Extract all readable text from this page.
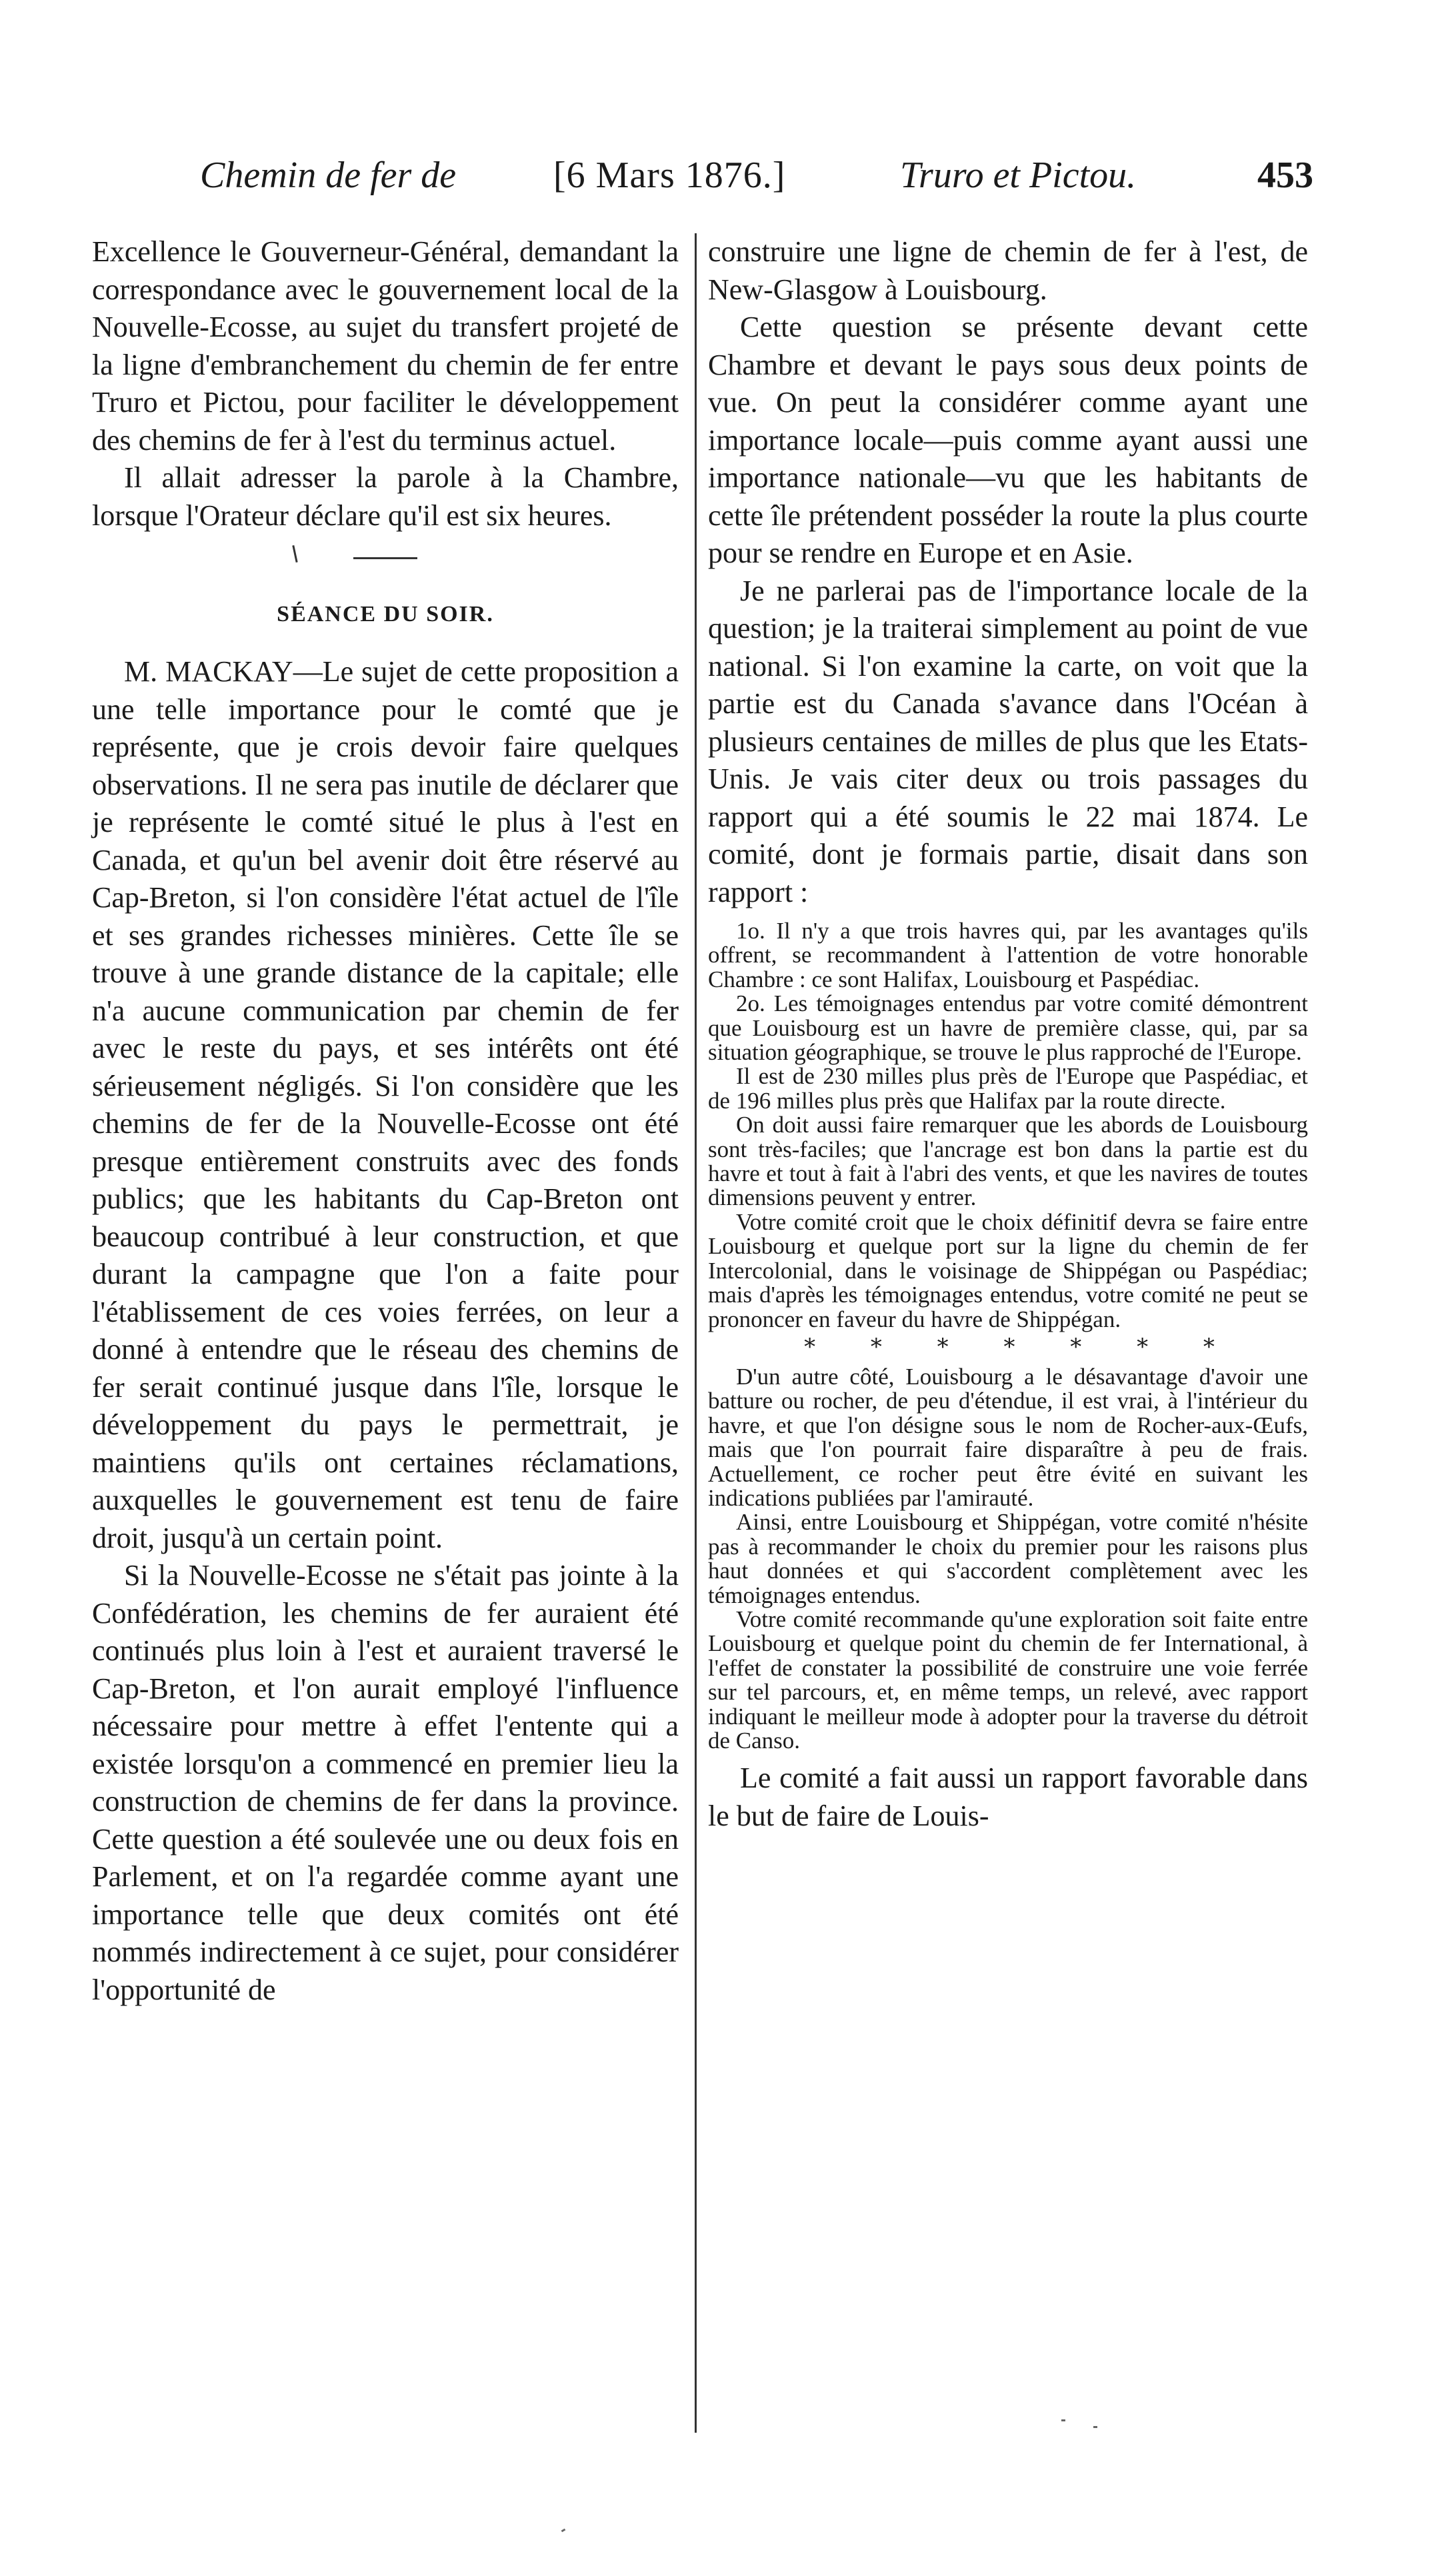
Chemin de fer de	[6 Mars 1876.]	Truro et Pictou.	453

Excellence le Gouverneur-Général, demandant la correspondance avec le gouvernement local de la Nouvelle-Ecosse, au sujet du transfert projeté de la ligne d'embranchement du chemin de fer entre Truro et Pictou, pour faciliter le développement des chemins de fer à l'est du terminus actuel.

Il allait adresser la parole à la Chambre, lorsque l'Orateur déclare qu'il est six heures.

SÉANCE DU SOIR.

M. MACKAY—Le sujet de cette proposition a une telle importance pour le comté que je représente, que je crois devoir faire quelques observations. Il ne sera pas inutile de déclarer que je représente le comté situé le plus à l'est en Canada, et qu'un bel avenir doit être réservé au Cap-Breton, si l'on considère l'état actuel de l'île et ses grandes richesses minières. Cette île se trouve à une grande distance de la capitale; elle n'a aucune communication par chemin de fer avec le reste du pays, et ses intérêts ont été sérieusement négligés. Si l'on considère que les chemins de fer de la Nouvelle-Ecosse ont été presque entièrement construits avec des fonds publics; que les habitants du Cap-Breton ont beaucoup contribué à leur construction, et que durant la campagne que l'on a faite pour l'établissement de ces voies ferrées, on leur a donné à entendre que le réseau des chemins de fer serait continué jusque dans l'île, lorsque le développement du pays le permettrait, je maintiens qu'ils ont certaines réclamations, auxquelles le gouvernement est tenu de faire droit, jusqu'à un certain point.

Si la Nouvelle-Ecosse ne s'était pas jointe à la Confédération, les chemins de fer auraient été continués plus loin à l'est et auraient traversé le Cap-Breton, et l'on aurait employé l'influence nécessaire pour mettre à effet l'entente qui a existée lorsqu'on a commencé en premier lieu la construction de chemins de fer dans la province. Cette question a été soulevée une ou deux fois en Parlement, et on l'a regardée comme ayant une importance telle que deux comités ont été nommés indirectement à ce sujet, pour considérer l'opportunité de

construire une ligne de chemin de fer à l'est, de New-Glasgow à Louisbourg.

Cette question se présente devant cette Chambre et devant le pays sous deux points de vue. On peut la considérer comme ayant une importance locale—puis comme ayant aussi une importance nationale—vu que les habitants de cette île prétendent posséder la route la plus courte pour se rendre en Europe et en Asie.

Je ne parlerai pas de l'importance locale de la question; je la traiterai simplement au point de vue national. Si l'on examine la carte, on voit que la partie est du Canada s'avance dans l'Océan à plusieurs centaines de milles de plus que les Etats-Unis. Je vais citer deux ou trois passages du rapport qui a été soumis le 22 mai 1874. Le comité, dont je formais partie, disait dans son rapport :

1o. Il n'y a que trois havres qui, par les avantages qu'ils offrent, se recommandent à l'attention de votre honorable Chambre : ce sont Halifax, Louisbourg et Paspédiac.

2o. Les témoignages entendus par votre comité démontrent que Louisbourg est un havre de première classe, qui, par sa situation géographique, se trouve le plus rapproché de l'Europe.

Il est de 230 milles plus près de l'Europe que Paspédiac, et de 196 milles plus près que Halifax par la route directe.

On doit aussi faire remarquer que les abords de Louisbourg sont très-faciles; que l'ancrage est bon dans la partie est du havre et tout à fait à l'abri des vents, et que les navires de toutes dimensions peuvent y entrer.

Votre comité croit que le choix définitif devra se faire entre Louisbourg et quelque port sur la ligne du chemin de fer Intercolonial, dans le voisinage de Shippégan ou Paspédiac; mais d'après les témoignages entendus, votre comité ne peut se prononcer en faveur du havre de Shippégan.

* * * * * * *

D'un autre côté, Louisbourg a le désavantage d'avoir une batture ou rocher, de peu d'étendue, il est vrai, à l'intérieur du havre, et que l'on désigne sous le nom de Rocher-aux-Œufs, mais que l'on pourrait faire disparaître à peu de frais. Actuellement, ce rocher peut être évité en suivant les indications publiées par l'amirauté.

Ainsi, entre Louisbourg et Shippégan, votre comité n'hésite pas à recommander le choix du premier pour les raisons plus haut données et qui s'accordent complètement avec les témoignages entendus.

Votre comité recommande qu'une exploration soit faite entre Louisbourg et quelque point du chemin de fer International, à l'effet de constater la possibilité de construire une voie ferrée sur tel parcours, et, en même temps, un relevé, avec rapport indiquant le meilleur mode à adopter pour la traverse du détroit de Canso.

Le comité a fait aussi un rapport favorable dans le but de faire de Louis-
